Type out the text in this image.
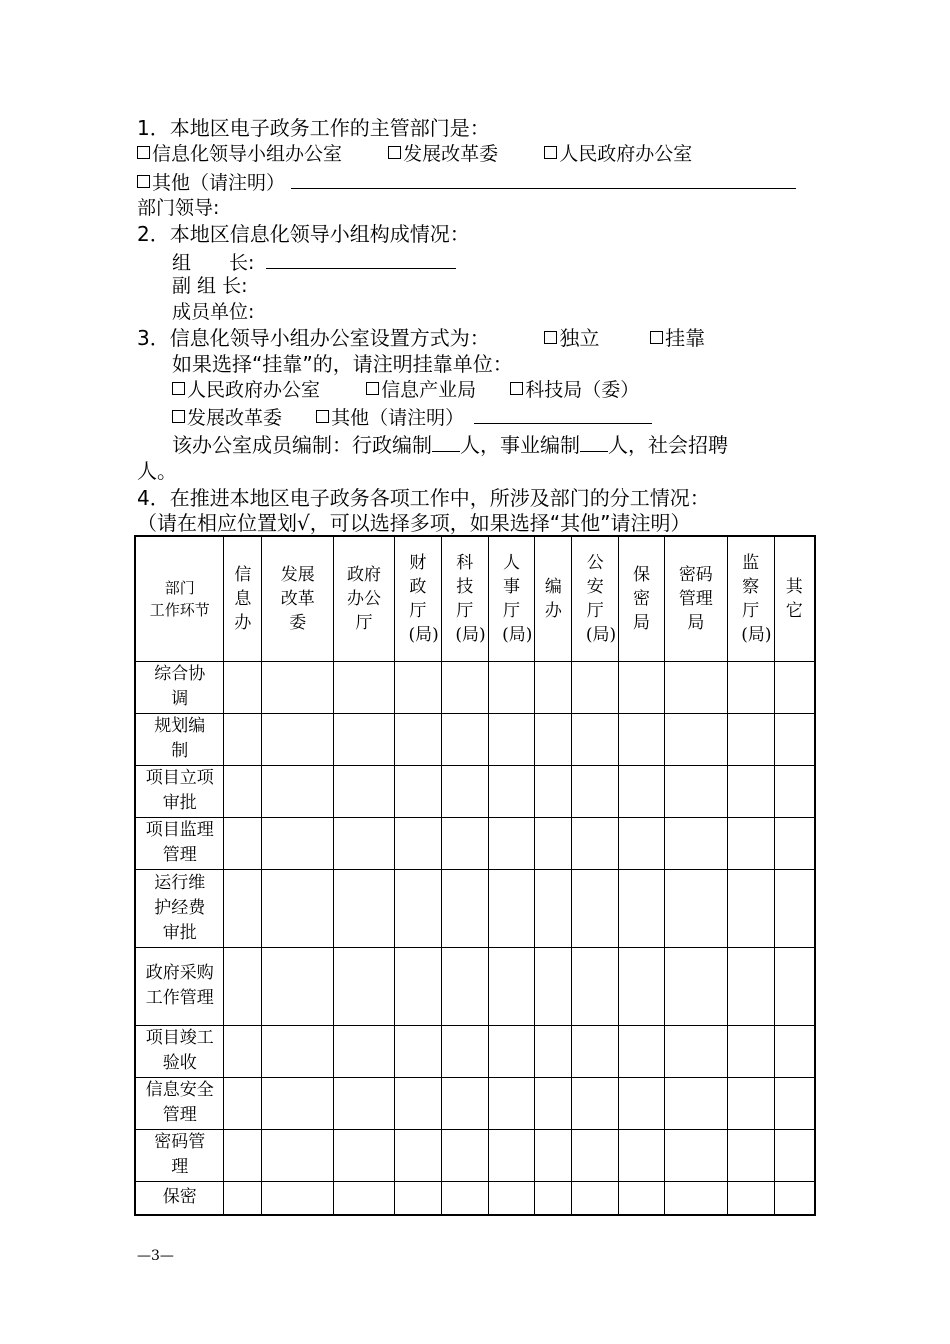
1．本地区电子政务工作的主管部门是：
信息化领导小组办公室	发展改革委	人民政府办公室
其他（请注明）
部门领导:
2．本地区信息化领导小组构成情况：
组　　长:
副 组 长:
成员单位:
3．信息化领导小组办公室设置方式为：	独立	挂靠
如果选择“挂靠”的，请注明挂靠单位：
人民政府办公室	信息产业局	科技局（委）
发展改革委	其他（请注明）
该办公室成员编制：行政编制 人，事业编制 人，社会招聘
人。
4．在推进本地区电子政务各项工作中，所涉及部门的分工情况：
（请在相应位置划√，可以选择多项，如果选择“其他”请注明）
部门
工作环节	信息办	发展改革委	政府办公厅	财政厅(局)	科技厅(局)	人事厅(局)	编办	公安厅(局)	保密局	密码管理局	监察厅(局)	其它
综合协调												
规划编制												
项目立项审批												
项目监理管理												
运行维护经费审批												
政府采购工作管理												
项目竣工验收												
信息安全管理												
密码管理												
保密												
—3—
